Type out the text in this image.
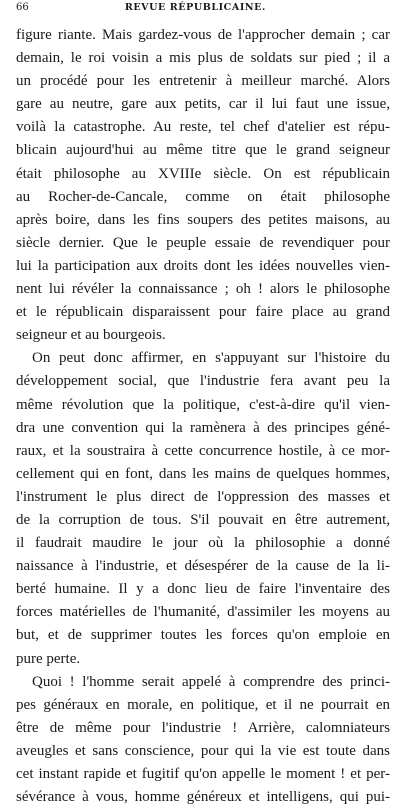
66	REVUE RÉPUBLICAINE.
figure riante. Mais gardez-vous de l'approcher demain ; car
demain, le roi voisin a mis plus de soldats sur pied ; il a
un procédé pour les entretenir à meilleur marché. Alors
gare au neutre, gare aux petits, car il lui faut une issue,
voilà la catastrophe. Au reste, tel chef d'atelier est répu-
blicain aujourd'hui au même titre que le grand seigneur
était philosophe au XVIIIe siècle. On est républicain
au Rocher-de-Cancale, comme on était philosophe
après boire, dans les fins soupers des petites maisons, au
siècle dernier. Que le peuple essaie de revendiquer pour
lui la participation aux droits dont les idées nouvelles vien-
nent lui révéler la connaissance ; oh ! alors le philosophe
et le républicain disparaissent pour faire place au grand
seigneur et au bourgeois.
On peut donc affirmer, en s'appuyant sur l'histoire du
développement social, que l'industrie fera avant peu la
même révolution que la politique, c'est-à-dire qu'il vien-
dra une convention qui la ramènera à des principes géné-
raux, et la soustraira à cette concurrence hostile, à ce mor-
cellement qui en font, dans les mains de quelques hommes,
l'instrument le plus direct de l'oppression des masses et
de la corruption de tous. S'il pouvait en être autrement,
il faudrait maudire le jour où la philosophie a donné
naissance à l'industrie, et désespérer de la cause de la li-
berté humaine. Il y a donc lieu de faire l'inventaire des
forces matérielles de l'humanité, d'assimiler les moyens au
but, et de supprimer toutes les forces qu'on emploie en
pure perte.
Quoi ! l'homme serait appelé à comprendre des princi-
pes généraux en morale, en politique, et il ne pourrait en
être de même pour l'industrie ! Arrière, calomniateurs
aveugles et sans conscience, pour qui la vie est toute dans
cet instant rapide et fugitif qu'on appelle le moment ! et per-
sévérance à vous, homme généreux et intelligens, qui pui-
